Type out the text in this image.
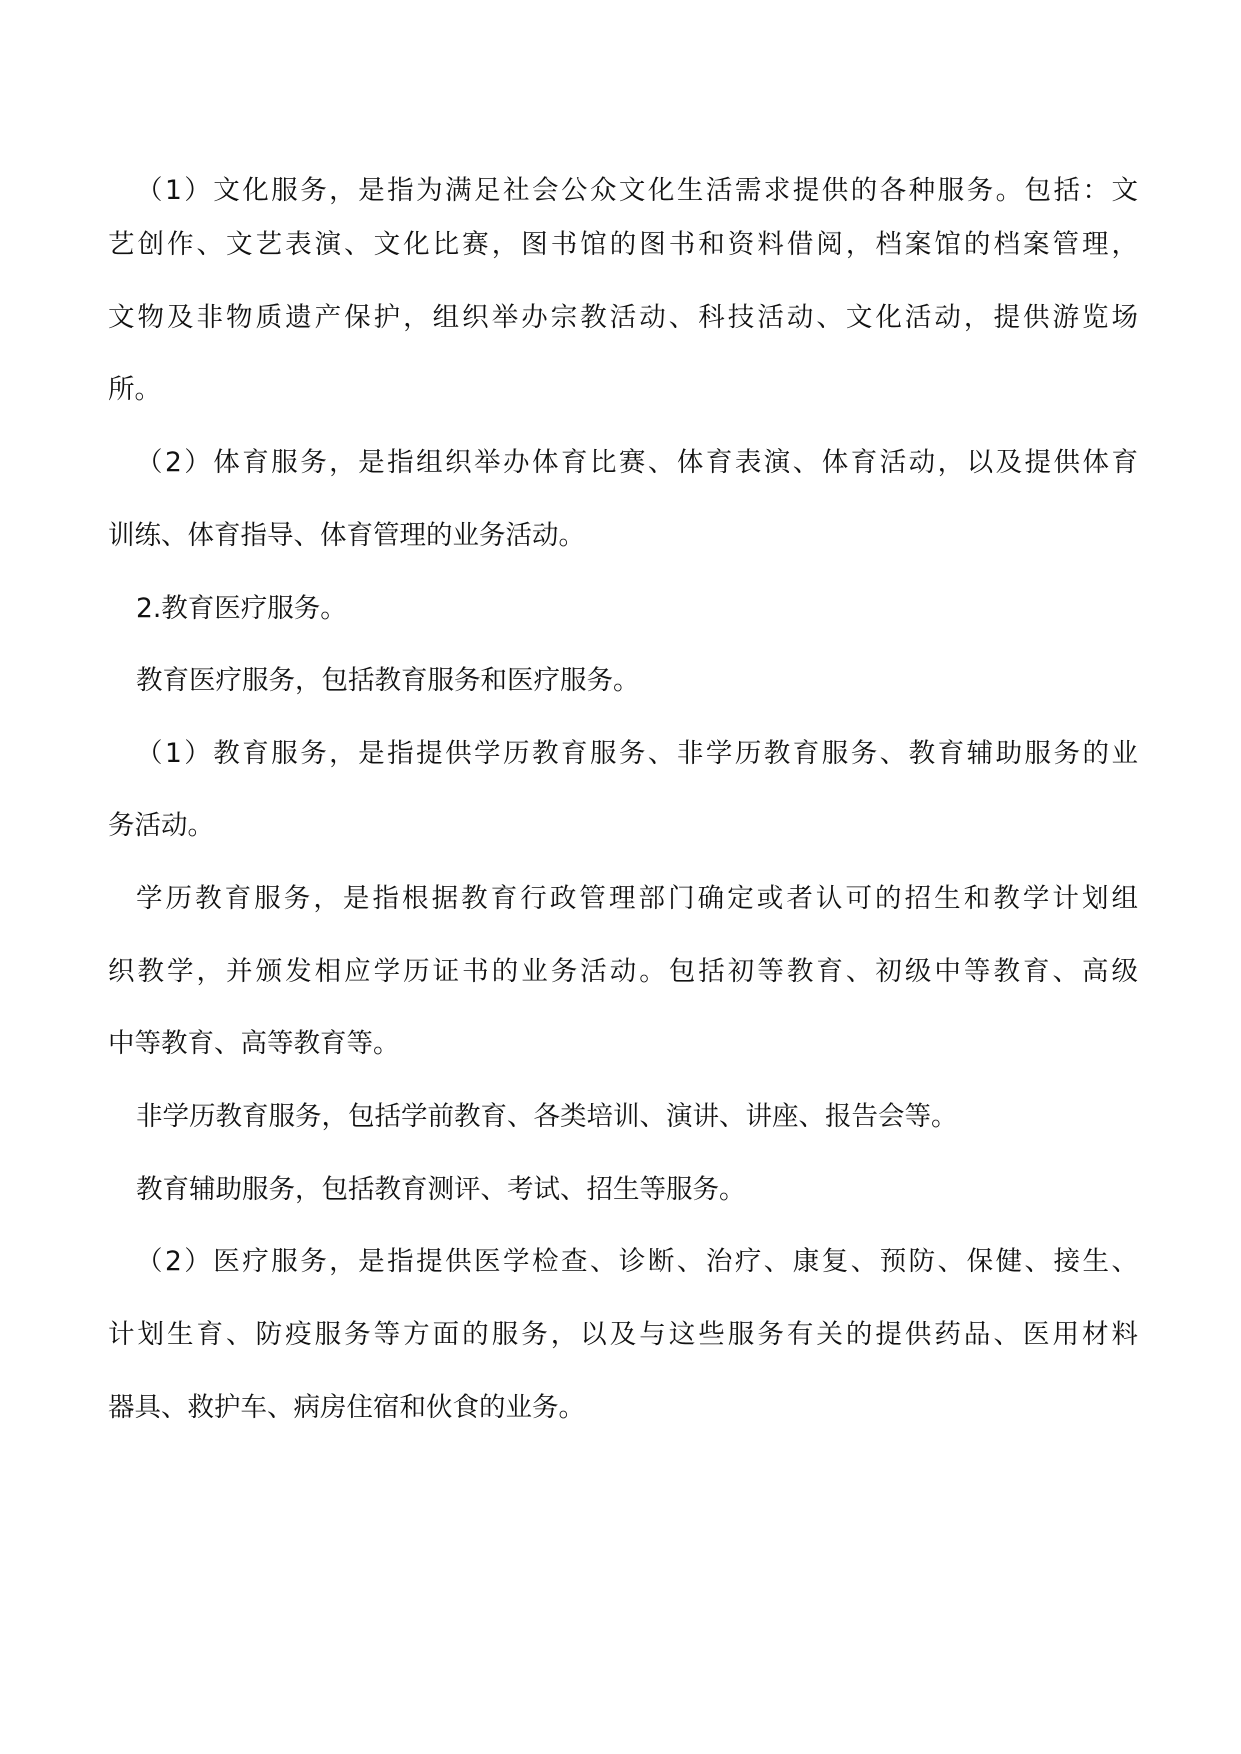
（1）文化服务，是指为满足社会公众文化生活需求提供的各种服务。包括：文

艺创作、文艺表演、文化比赛，图书馆的图书和资料借阅，档案馆的档案管理，

文物及非物质遗产保护，组织举办宗教活动、科技活动、文化活动，提供游览场

所。

（2）体育服务，是指组织举办体育比赛、体育表演、体育活动，以及提供体育

训练、体育指导、体育管理的业务活动。

2.教育医疗服务。

教育医疗服务，包括教育服务和医疗服务。

（1）教育服务，是指提供学历教育服务、非学历教育服务、教育辅助服务的业

务活动。

学历教育服务，是指根据教育行政管理部门确定或者认可的招生和教学计划组

织教学，并颁发相应学历证书的业务活动。包括初等教育、初级中等教育、高级

中等教育、高等教育等。

非学历教育服务，包括学前教育、各类培训、演讲、讲座、报告会等。

教育辅助服务，包括教育测评、考试、招生等服务。

（2）医疗服务，是指提供医学检查、诊断、治疗、康复、预防、保健、接生、

计划生育、防疫服务等方面的服务，以及与这些服务有关的提供药品、医用材料

器具、救护车、病房住宿和伙食的业务。
